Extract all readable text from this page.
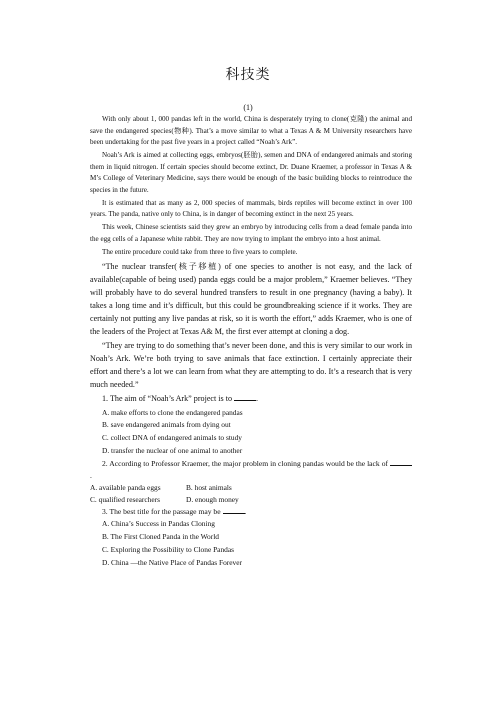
科技类
(1)

With only about 1, 000 pandas left in the world, China is desperately trying to clone(克隆) the animal and save the endangered species(物种). That’s a move similar to what a Texas A & M University researchers have been undertaking for the past five years in a project called “Noah’s Ark”.

Noah’s Ark is aimed at collecting eggs, embryos(胚胎), semen and DNA of endangered animals and storing them in liquid nitrogen. If certain species should become extinct, Dr. Duane Kraemer, a professor in Texas A & M’s College of Veterinary Medicine, says there would be enough of the basic building blocks to reintroduce the species in the future.

It is estimated that as many as 2, 000 species of mammals, birds reptiles will become extinct in over 100 years. The panda, native only to China, is in danger of becoming extinct in the next 25 years.

This week, Chinese scientists said they grew an embryo by introducing cells from a dead female panda into the egg cells of a Japanese white rabbit. They are now trying to implant the embryo into a host animal.

The entire procedure could take from three to five years to complete.

“The nuclear transfer(核子移植) of one species to another is not easy, and the lack of available(capable of being used) panda eggs could be a major problem,” Kraemer believes. “They will probably have to do several hundred transfers to result in one pregnancy (having a baby). It takes a long time and it’s difficult, but this could be groundbreaking science if it works. They are certainly not putting any live pandas at risk, so it is worth the effort,” adds Kraemer, who is one of the leaders of the Project at Texas A& M, the first ever attempt at cloning a dog.

“They are trying to do something that’s never been done, and this is very similar to our work in Noah’s Ark. We’re both trying to save animals that face extinction. I certainly appreciate their effort and there’s a lot we can learn from what they are attempting to do. It’s a research that is very much needed.”

1. The aim of “Noah’s Ark” project is to	.

A. make efforts to clone the endangered pandas

B. save endangered animals from dying out

C. collect DNA of endangered animals to study

D. transfer the nuclear of one animal to another

2. According to Professor Kraemer, the major problem in cloning pandas would be the lack of .

A. available panda eggs	B. host animals
C. qualified researchers	D. enough money

3. The best title for the passage may be	.

A. China’s Success in Pandas Cloning

B. The First Cloned Panda in the World

C. Exploring the Possibility to Clone Pandas

D. China —the Native Place of Pandas Forever
